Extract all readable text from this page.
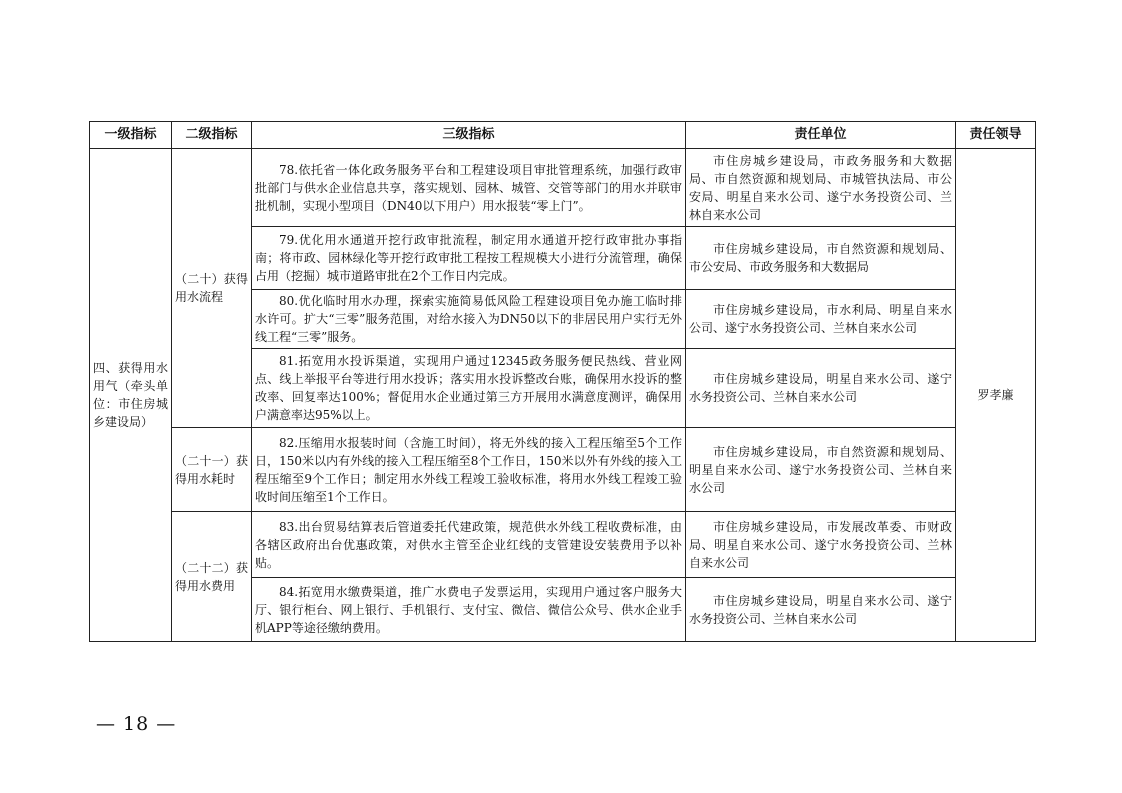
一级指标	二级指标	三级指标	责任单位	责任领导
四、获得用水用气（牵头单位：市住房城乡建设局）	（二十）获得用水流程	78.依托省一体化政务服务平台和工程建设项目审批管理系统，加强行政审批部门与供水企业信息共享，落实规划、园林、城管、交管等部门的用水并联审批机制，实现小型项目（DN40以下用户）用水报装“零上门”。	市住房城乡建设局，市政务服务和大数据局、市自然资源和规划局、市城管执法局、市公安局、明星自来水公司、遂宁水务投资公司、兰林自来水公司	罗孝廉
		79.优化用水通道开挖行政审批流程，制定用水通道开挖行政审批办事指南；将市政、园林绿化等开挖行政审批工程按工程规模大小进行分流管理，确保占用（挖掘）城市道路审批在2个工作日内完成。	市住房城乡建设局，市自然资源和规划局、市公安局、市政务服务和大数据局	
		80.优化临时用水办理，探索实施简易低风险工程建设项目免办施工临时排水许可。扩大“三零”服务范围，对给水接入为DN50以下的非居民用户实行无外线工程“三零”服务。	市住房城乡建设局，市水利局、明星自来水公司、遂宁水务投资公司、兰林自来水公司	
		81.拓宽用水投诉渠道，实现用户通过12345政务服务便民热线、营业网点、线上举报平台等进行用水投诉；落实用水投诉整改台账，确保用水投诉的整改率、回复率达100%；督促用水企业通过第三方开展用水满意度测评，确保用户满意率达95%以上。	市住房城乡建设局，明星自来水公司、遂宁水务投资公司、兰林自来水公司	
	（二十一）获得用水耗时	82.压缩用水报装时间（含施工时间），将无外线的接入工程压缩至5个工作日，150米以内有外线的接入工程压缩至8个工作日，150米以外有外线的接入工程压缩至9个工作日；制定用水外线工程竣工验收标准，将用水外线工程竣工验收时间压缩至1个工作日。	市住房城乡建设局，市自然资源和规划局、明星自来水公司、遂宁水务投资公司、兰林自来水公司	
	（二十二）获得用水费用	83.出台贸易结算表后管道委托代建政策，规范供水外线工程收费标准，由各辖区政府出台优惠政策，对供水主管至企业红线的支管建设安装费用予以补贴。	市住房城乡建设局，市发展改革委、市财政局、明星自来水公司、遂宁水务投资公司、兰林自来水公司	
		84.拓宽用水缴费渠道，推广水费电子发票运用，实现用户通过客户服务大厅、银行柜台、网上银行、手机银行、支付宝、微信、微信公众号、供水企业手机APP等途径缴纳费用。	市住房城乡建设局，明星自来水公司、遂宁水务投资公司、兰林自来水公司	
— 18 —
